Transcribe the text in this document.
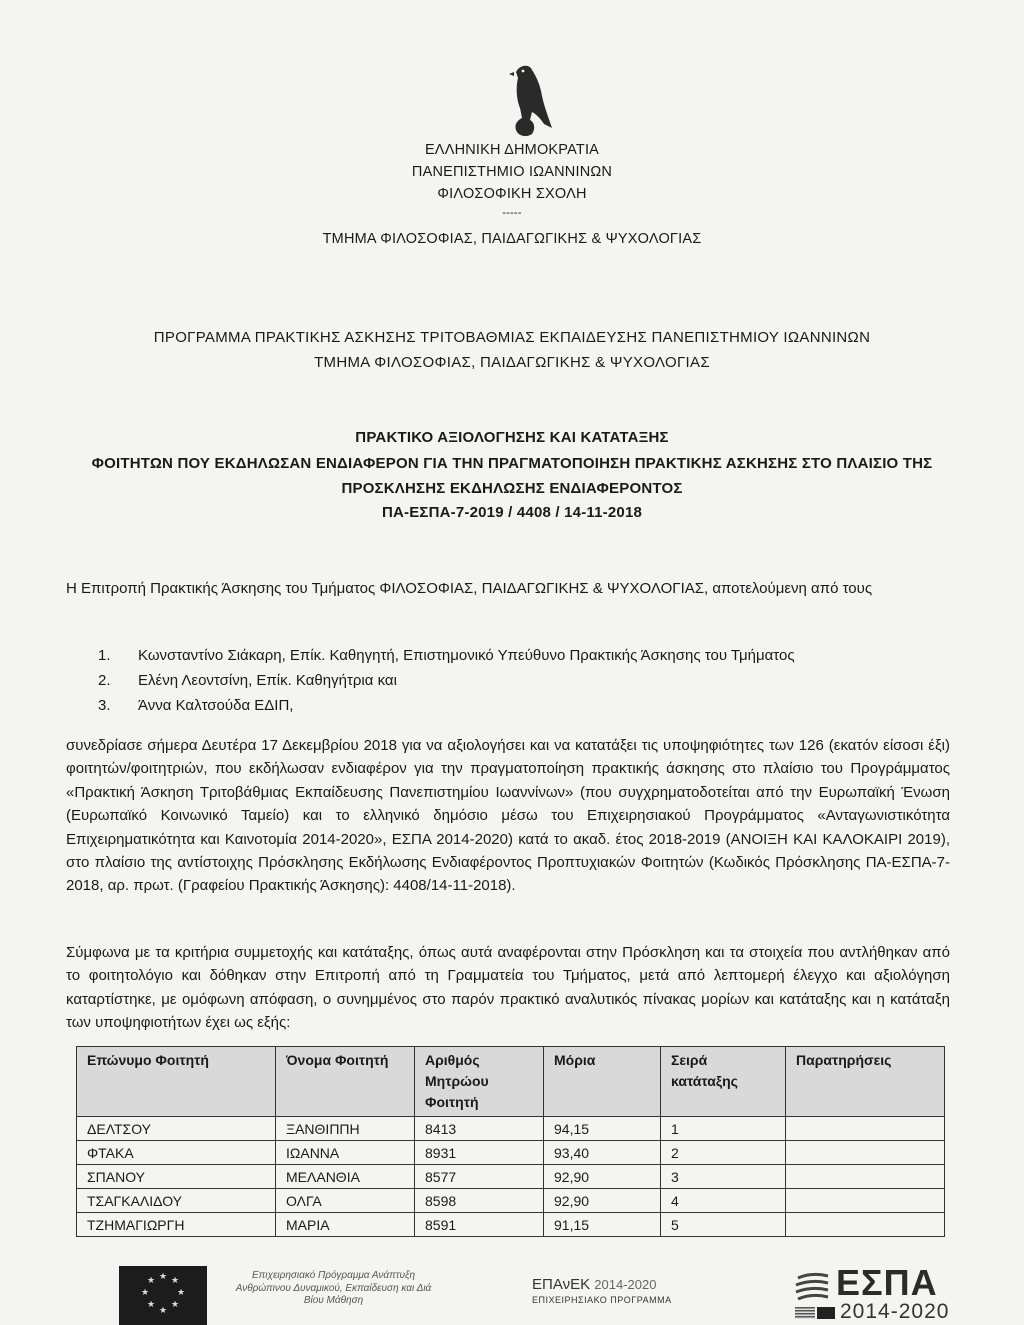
ΕΛΛΗΝΙΚΗ ΔΗΜΟΚΡΑΤΙΑ
ΠΑΝΕΠΙΣΤΗΜΙΟ ΙΩΑΝΝΙΝΩΝ
ΦΙΛΟΣΟΦΙΚΗ ΣΧΟΛΗ
-----
ΤΜΗΜΑ ΦΙΛΟΣΟΦΙΑΣ, ΠΑΙΔΑΓΩΓΙΚΗΣ & ΨΥΧΟΛΟΓΙΑΣ
ΠΡΟΓΡΑΜΜΑ ΠΡΑΚΤΙΚΗΣ ΑΣΚΗΣΗΣ ΤΡΙΤΟΒΑΘΜΙΑΣ ΕΚΠΑΙΔΕΥΣΗΣ ΠΑΝΕΠΙΣΤΗΜΙΟΥ ΙΩΑΝΝΙΝΩΝ
ΤΜΗΜΑ ΦΙΛΟΣΟΦΙΑΣ, ΠΑΙΔΑΓΩΓΙΚΗΣ & ΨΥΧΟΛΟΓΙΑΣ
ΠΡΑΚΤΙΚΟ ΑΞΙΟΛΟΓΗΣΗΣ ΚΑΙ ΚΑΤΑΤΑΞΗΣ
ΦΟΙΤΗΤΩΝ ΠΟΥ ΕΚΔΗΛΩΣΑΝ ΕΝΔΙΑΦΕΡΟΝ ΓΙΑ ΤΗΝ ΠΡΑΓΜΑΤΟΠΟΙΗΣΗ ΠΡΑΚΤΙΚΗΣ ΑΣΚΗΣΗΣ ΣΤΟ ΠΛΑΙΣΙΟ ΤΗΣ
ΠΡΟΣΚΛΗΣΗΣ ΕΚΔΗΛΩΣΗΣ ΕΝΔΙΑΦΕΡΟΝΤΟΣ
ΠΑ-ΕΣΠΑ-7-2019 / 4408 / 14-11-2018
Η Επιτροπή Πρακτικής Άσκησης του Τμήματος ΦΙΛΟΣΟΦΙΑΣ, ΠΑΙΔΑΓΩΓΙΚΗΣ & ΨΥΧΟΛΟΓΙΑΣ, αποτελούμενη από τους
1. Κωνσταντίνο Σιάκαρη, Επίκ. Καθηγητή, Επιστημονικό Υπεύθυνο Πρακτικής Άσκησης του Τμήματος
2. Ελένη Λεοντσίνη, Επίκ. Καθηγήτρια και
3. Άννα Καλτσούδα ΕΔΙΠ,
συνεδρίασε σήμερα Δευτέρα 17 Δεκεμβρίου 2018 για να αξιολογήσει και να κατατάξει τις υποψηφιότητες των 126 (εκατόν είσοσι έξι) φοιτητών/φοιτητριών, που εκδήλωσαν ενδιαφέρον για την πραγματοποίηση πρακτικής άσκησης στο πλαίσιο του Προγράμματος «Πρακτική Άσκηση Τριτοβάθμιας Εκπαίδευσης Πανεπιστημίου Ιωαννίνων» (που συγχρηματοδοτείται από την Ευρωπαϊκή Ένωση (Ευρωπαϊκό Κοινωνικό Ταμείο) και το ελληνικό δημόσιο μέσω του Επιχειρησιακού Προγράμματος «Ανταγωνιστικότητα Επιχειρηματικότητα και Καινοτομία 2014-2020», ΕΣΠΑ 2014-2020) κατά το ακαδ. έτος 2018-2019 (ΑΝΟΙΞΗ ΚΑΙ ΚΑΛΟΚΑΙΡΙ 2019), στο πλαίσιο της αντίστοιχης Πρόσκλησης Εκδήλωσης Ενδιαφέροντος Προπτυχιακών Φοιτητών (Κωδικός Πρόσκλησης ΠΑ-ΕΣΠΑ-7-2018, αρ. πρωτ. (Γραφείου Πρακτικής Άσκησης): 4408/14-11-2018).
Σύμφωνα με τα κριτήρια συμμετοχής και κατάταξης, όπως αυτά αναφέρονται στην Πρόσκληση και τα στοιχεία που αντλήθηκαν από το φοιτητολόγιο και δόθηκαν στην Επιτροπή από τη Γραμματεία του Τμήματος, μετά από λεπτομερή έλεγχο και αξιολόγηση καταρτίστηκε, με ομόφωνη απόφαση, ο συνημμένος στο παρόν πρακτικό αναλυτικός πίνακας μορίων και κατάταξης και η κατάταξη των υποψηφιοτήτων έχει ως εξής:
Επώνυμο Φοιτητή	Όνομα Φοιτητή	Αριθμός Μητρώου Φοιτητή	Μόρια	Σειρά κατάταξης	Παρατηρήσεις
ΔΕΛΤΣΟΥ	ΞΑΝΘΙΠΠΗ	8413	94,15	1	
ΦΤΑΚΑ	ΙΩΑΝΝΑ	8931	93,40	2	
ΣΠΑΝΟΥ	ΜΕΛΑΝΘΙΑ	8577	92,90	3	
ΤΣΑΓΚΑΛΙΔΟΥ	ΟΛΓΑ	8598	92,90	4	
ΤΖΗΜΑΓΙΩΡΓΗ	ΜΑΡΙΑ	8591	91,15	5	
★ ★
★
★
★
★
★
★	Επιχειρησιακό Πρόγραμμα Ανάπτυξη Ανθρώπινου Δυναμικού, Εκπαίδευση και Διά Βίου Μάθηση
ΕΠΑνΕΚ 2014-2020
ΕΠΙΧΕΙΡΗΣΙΑΚΟ ΠΡΟΓΡΑΜΜΑ	ΕΣΠΑ
2014-2020
